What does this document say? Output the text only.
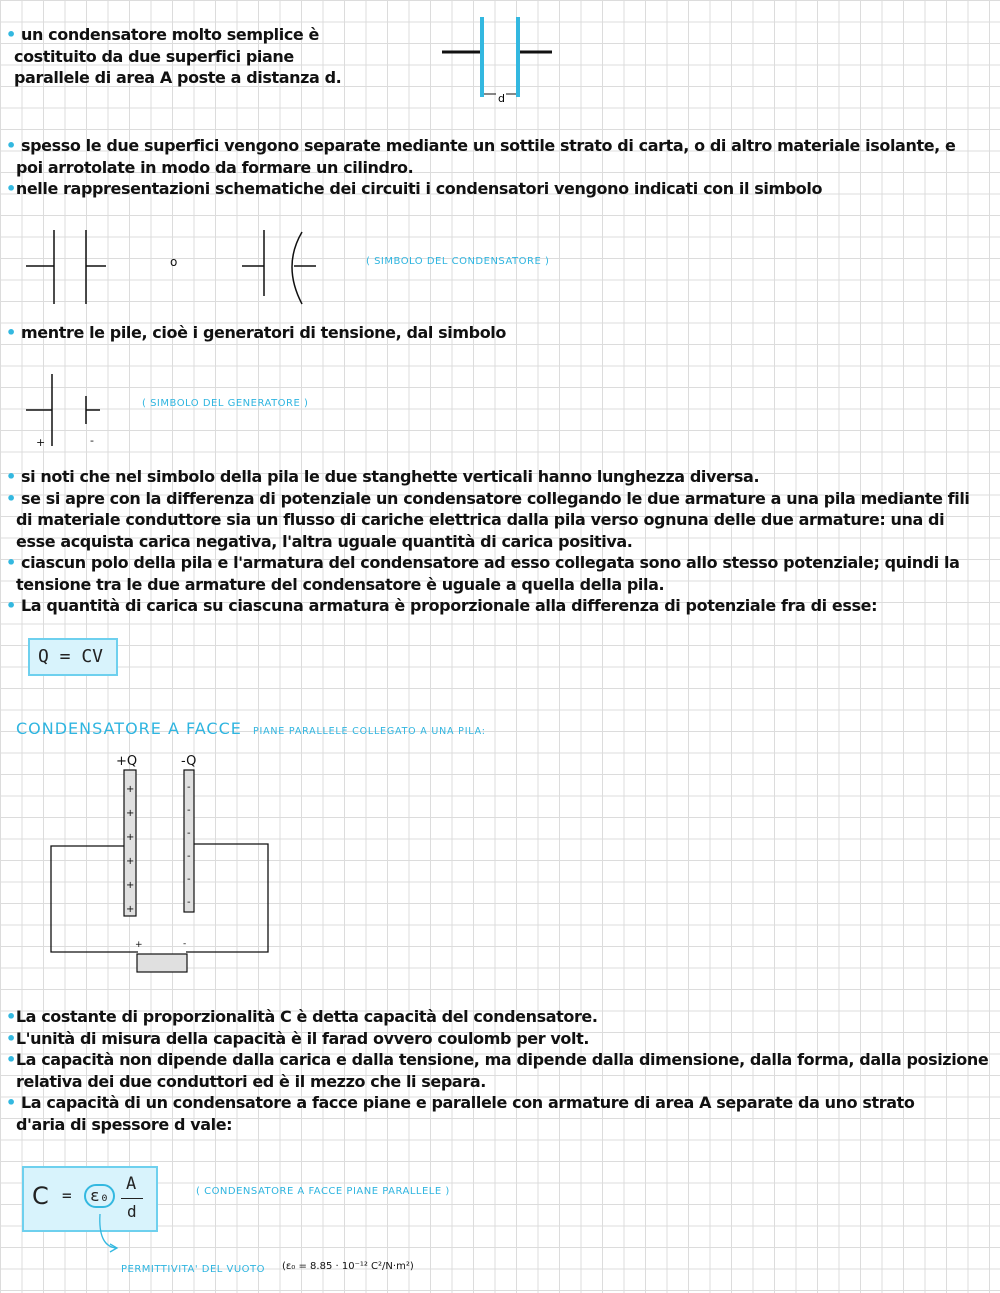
• un condensatore molto semplice è

costituito da due superfici piane

parallele di area A poste a distanza d.

d

• spesso le due superfici vengono separate mediante un sottile strato di carta, o di altro materiale isolante, e

poi arrotolate in modo da formare un cilindro.

•nelle rappresentazioni schematiche dei circuiti i condensatori vengono indicati con il simbolo

o	( SIMBOLO DEL CONDENSATORE )

• mentre le pile, cioè i generatori di tensione, dal simbolo

+	-
( SIMBOLO DEL GENERATORE )

• si noti che nel simbolo della pila le due stanghette verticali hanno lunghezza diversa.

• se si apre con la differenza di potenziale un condensatore collegando le due armature a una pila mediante fili

di materiale conduttore sia un flusso di cariche elettrica dalla pila verso ognuna delle due armature: una di

esse acquista carica negativa, l'altra uguale quantità di carica positiva.

• ciascun polo della pila e l'armatura del condensatore ad esso collegata sono allo stesso potenziale; quindi la

tensione tra le due armature del condensatore è uguale a quella della pila.

• La quantità di carica su ciascuna armatura è proporzionale alla differenza di potenziale fra di esse:

Q = CV
CONDENSATORE A FACCE PIANE PARALLELE COLLEGATO A UNA PILA:
+Q	-Q
+
+
+
+
+
+
-
-
-
-
-
-
+	-

•La costante di proporzionalità C è detta capacità del condensatore.

•L'unità di misura della capacità è il farad ovvero coulomb per volt.

•La capacità non dipende dalla carica e dalla tensione, ma dipende dalla dimensione, dalla forma, dalla posizione

relativa dei due conduttori ed è il mezzo che li separa.

• La capacità di un condensatore a facce piane e parallele con armature di area A separate da uno strato

d'aria di spessore d vale:

C =	ε₀
A
d
( CONDENSATORE A FACCE PIANE PARALLELE )
PERMITTIVITA' DEL VUOTO (ε₀ = 8.85 · 10⁻¹² C²/N·m²)
